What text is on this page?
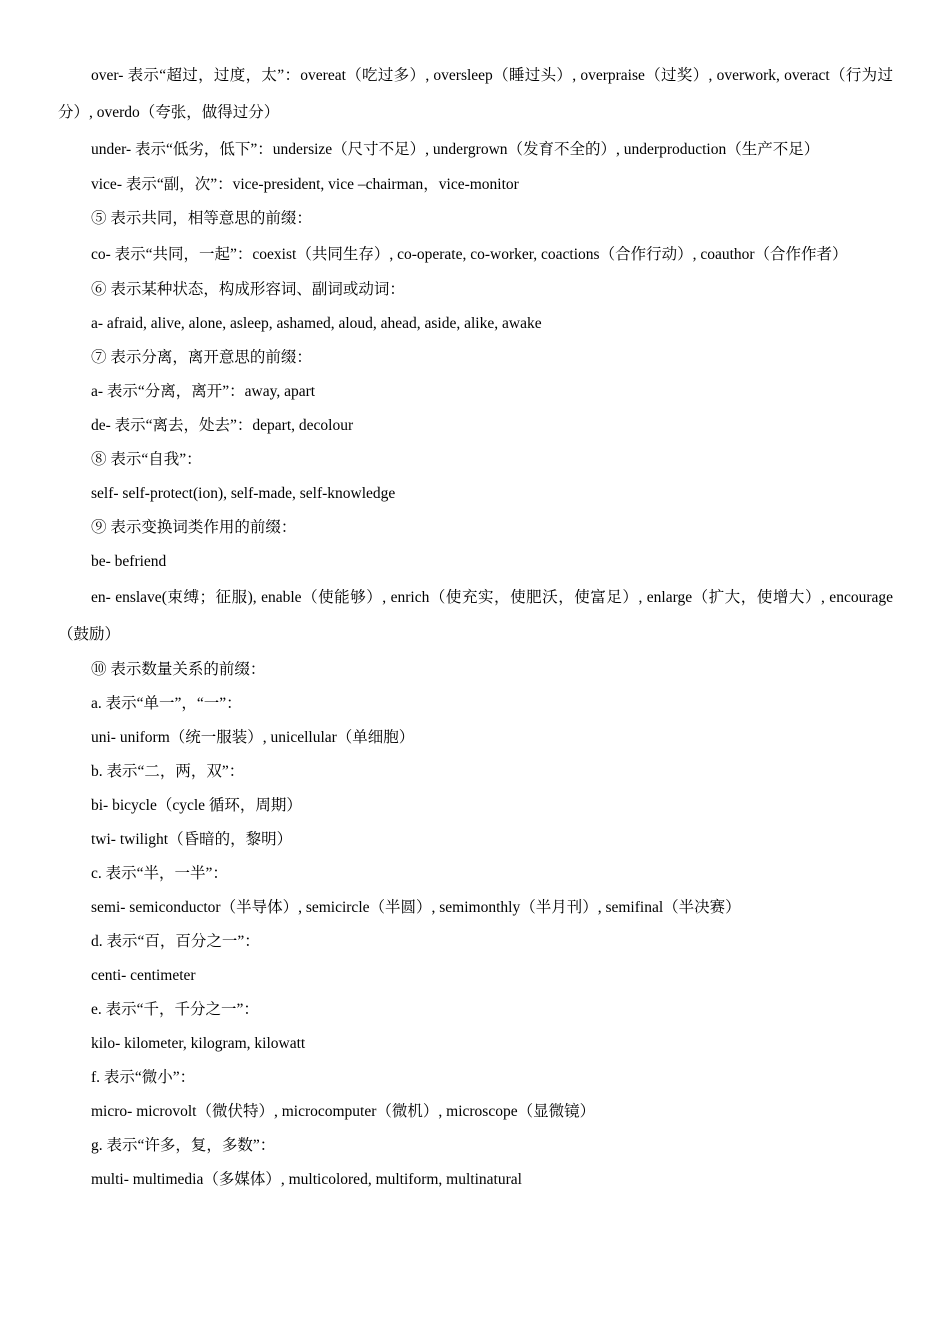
over- 表示“超过，过度，太”：overeat（吃过多）, oversleep（睡过头）, overpraise（过奖）, overwork, overact（行为过分）, overdo（夸张，做得过分）

under- 表示“低劣，低下”：undersize（尺寸不足）, undergrown（发育不全的）, underproduction（生产不足）

vice- 表示“副，次”：vice-president, vice –chairman，vice-monitor

⑤ 表示共同，相等意思的前缀：

co- 表示“共同，一起”：coexist（共同生存）, co-operate, co-worker, coactions（合作行动）, coauthor（合作作者）

⑥ 表示某种状态，构成形容词、副词或动词：

a- afraid, alive, alone, asleep, ashamed, aloud, ahead, aside, alike, awake

⑦ 表示分离，离开意思的前缀：

a- 表示“分离，离开”：away, apart

de- 表示“离去，处去”：depart, decolour

⑧ 表示“自我”：

self- self-protect(ion), self-made, self-knowledge

⑨ 表示变换词类作用的前缀：

be- befriend

en- enslave(束缚；征服), enable（使能够）, enrich（使充实，使肥沃，使富足）, enlarge（扩大，使增大）, encourage（鼓励）

⑩ 表示数量关系的前缀：

a. 表示“单一”，“一”：

uni- uniform（统一服装）, unicellular（单细胞）

b. 表示“二，两，双”：

bi- bicycle（cycle 循环，周期）

twi- twilight（昏暗的，黎明）

c. 表示“半，一半”：

semi- semiconductor（半导体）, semicircle（半圆）, semimonthly（半月刊）, semifinal（半决赛）

d. 表示“百，百分之一”：

centi- centimeter

e. 表示“千，千分之一”：

kilo- kilometer, kilogram, kilowatt

f. 表示“微小”：

micro- microvolt（微伏特）, microcomputer（微机）, microscope（显微镜）

g. 表示“许多，复，多数”：

multi- multimedia（多媒体）, multicolored, multiform, multinatural
